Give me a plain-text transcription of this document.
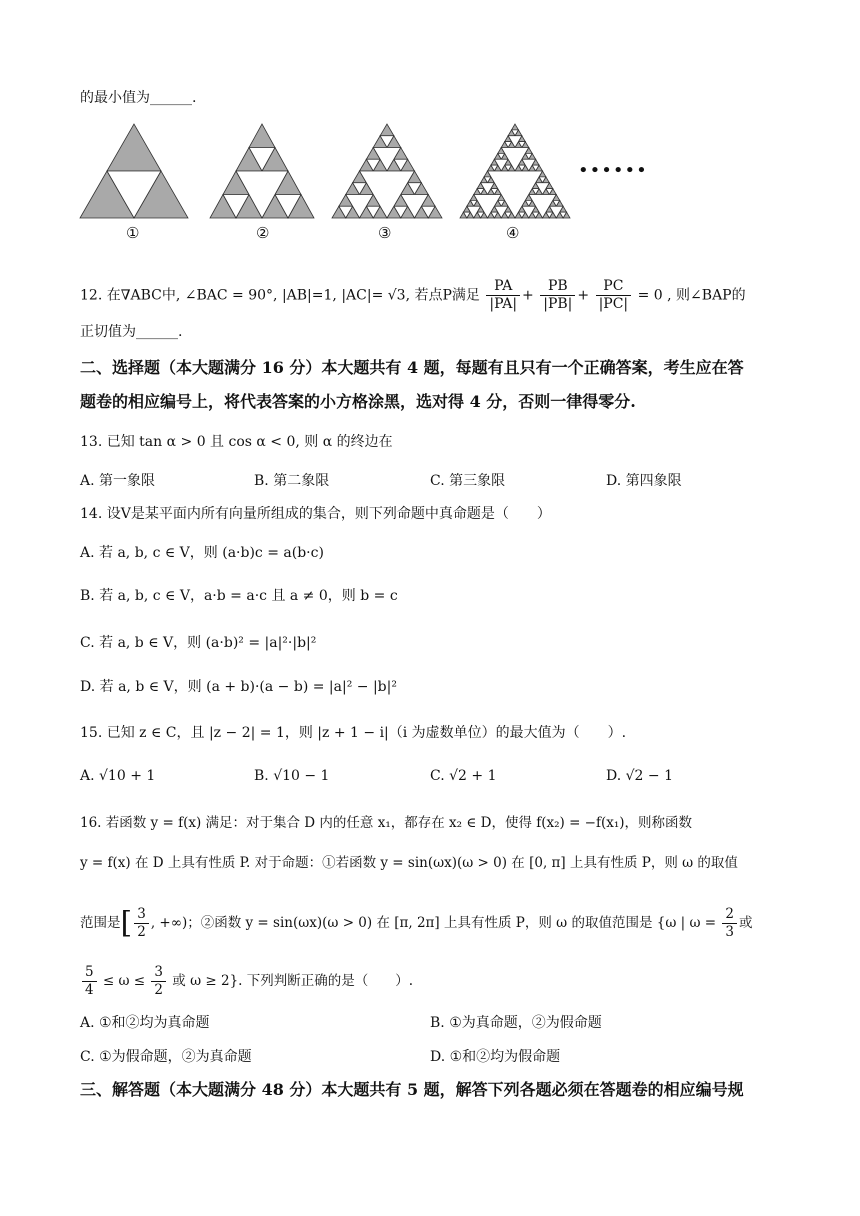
的最小值为______.
①	②	③	④
••••••
12. 在∇ABC中, ∠BAC = 90°, |AB|=1, |AC|= √3, 若点P满足 $\frac{PA}{|PA|} + \frac{PB}{|PB|} + \frac{PC}{|PC|} = 0$ , 则∠BAP的
正切值为______.
二、选择题（本大题满分 16 分）本大题共有 4 题，每题有且只有一个正确答案，考生应在答
题卷的相应编号上，将代表答案的小方格涂黑，选对得 4 分，否则一律得零分.
13. 已知 tan α > 0 且 cos α < 0, 则 α 的终边在
A. 第一象限	B. 第二象限	C. 第三象限	D. 第四象限
14. 设V是某平面内所有向量所组成的集合，则下列命题中真命题是（　　）
A. 若 a, b, c ∈ V，则 (a·b)c = a(b·c)
B. 若 a, b, c ∈ V，a·b = a·c 且 a ≠ 0，则 b = c
C. 若 a, b ∈ V，则 (a·b)² = |a|²·|b|²
D. 若 a, b ∈ V，则 (a + b)·(a − b) = |a|² − |b|²
15. 已知 z ∈ C，且 |z − 2| = 1，则 |z + 1 − i|（i 为虚数单位）的最大值为（　　）.
A. √10 + 1	B. √10 − 1	C. √2 + 1	D. √2 − 1
16. 若函数 y = f(x) 满足：对于集合 D 内的任意 x₁，都存在 x₂ ∈ D，使得 f(x₂) = −f(x₁)，则称函数
y = f(x) 在 D 上具有性质 P. 对于命题：①若函数 y = sin(ωx)(ω > 0) 在 [0, π] 上具有性质 P，则 ω 的取值
范围是[ $\frac{3}{2}$ , +∞)；②函数 y = sin(ωx)(ω > 0) 在 [π, 2π] 上具有性质 P，则 ω 的取值范围是 {ω | $\omega = \frac{2}{3}$ 或
$\frac{5}{4} \le \omega \le \frac{3}{2}$ 或 ω ≥ 2}. 下列判断正确的是（　　）.
A. ①和②均为真命题	B. ①为真命题，②为假命题
C. ①为假命题，②为真命题	D. ①和②均为假命题
三、解答题（本大题满分 48 分）本大题共有 5 题，解答下列各题必须在答题卷的相应编号规
